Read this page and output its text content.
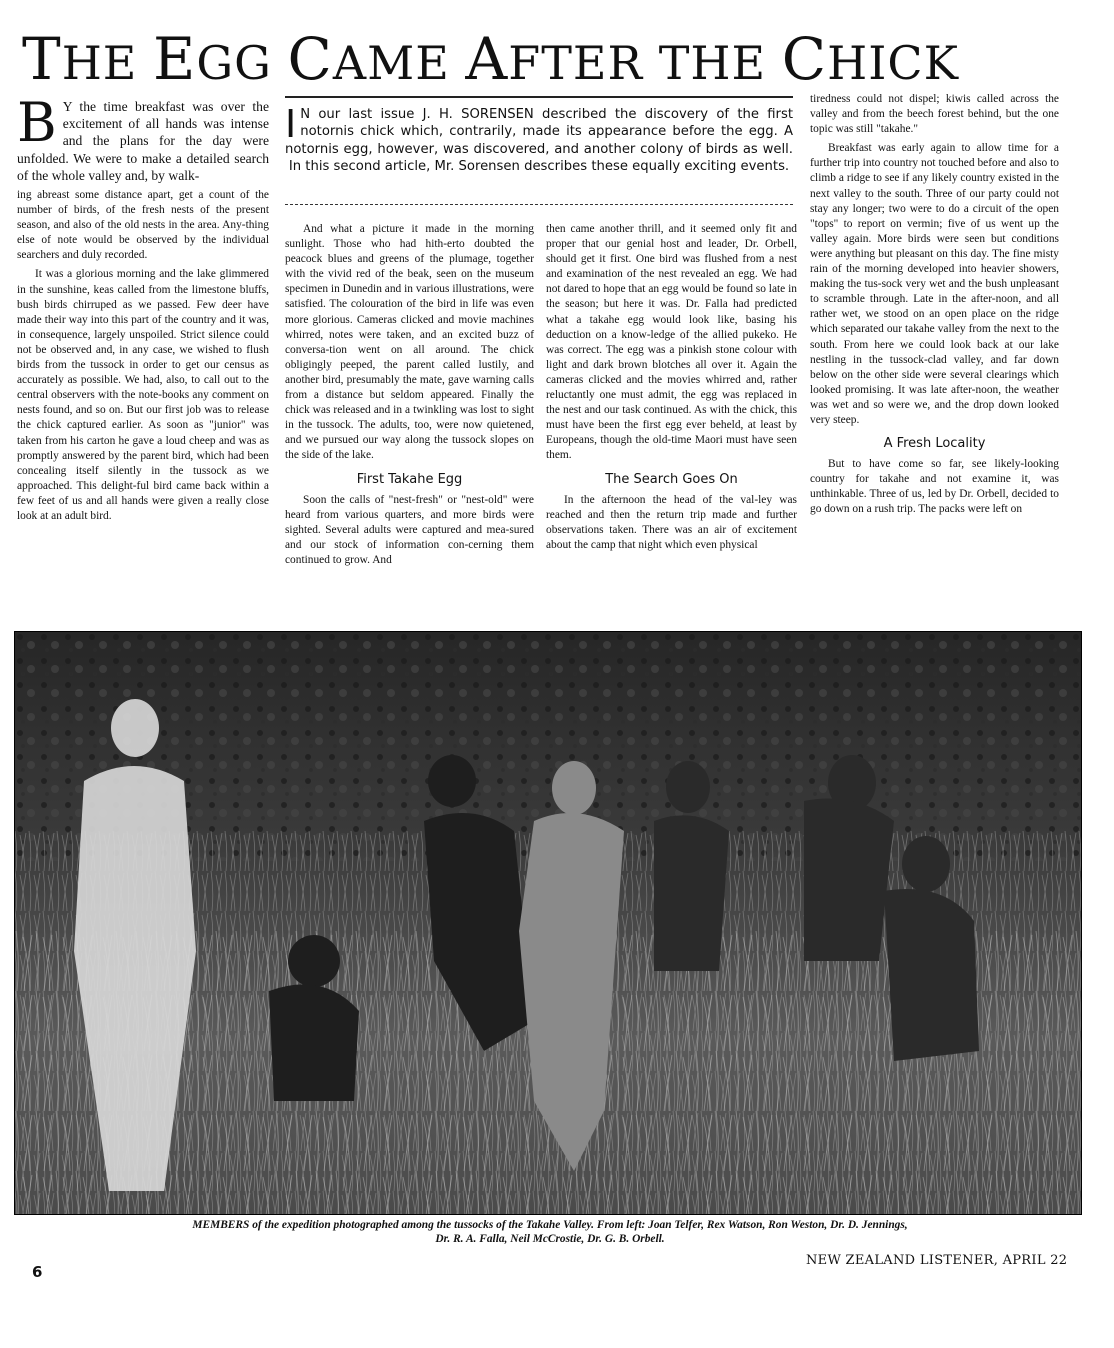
THE EGG CAME AFTER THE CHICK

B Y the time breakfast was over the excitement of all hands was intense and the plans for the day were unfolded. We were to make a detailed search of the whole valley and, by walk-

ing abreast some distance apart, get a count of the number of birds, of the fresh nests of the present season, and also of the old nests in the area. Any-thing else of note would be observed by the individual searchers and duly recorded.

It was a glorious morning and the lake glimmered in the sunshine, keas called from the limestone bluffs, bush birds chirruped as we passed. Few deer have made their way into this part of the country and it was, in consequence, largely unspoiled. Strict silence could not be observed and, in any case, we wished to flush birds from the tussock in order to get our census as accurately as possible. We had, also, to call out to the central observers with the note-books any comment on nests found, and so on. But our first job was to release the chick captured earlier. As soon as "junior" was taken from his carton he gave a loud cheep and was as promptly answered by the parent bird, which had been concealing itself silently in the tussock as we approached. This delight-ful bird came back within a few feet of us and all hands were given a really close look at an adult bird.

I N our last issue J. H. SORENSEN described the discovery of the first notornis chick which, contrarily, made its appearance before the egg. A notornis egg, however, was discovered, and another colony of birds as well. In this second article, Mr. Sorensen describes these equally exciting events.

And what a picture it made in the morning sunlight. Those who had hith-erto doubted the peacock blues and greens of the plumage, together with the vivid red of the beak, seen on the museum specimen in Dunedin and in various illustrations, were satisfied. The colouration of the bird in life was even more glorious. Cameras clicked and movie machines whirred, notes were taken, and an excited buzz of conversa-tion went on all around. The chick obligingly peeped, the parent called lustily, and another bird, presumably the mate, gave warning calls from a distance but seldom appeared. Finally the chick was released and in a twinkling was lost to sight in the tussock. The adults, too, were now quietened, and we pursued our way along the tussock slopes on the side of the lake.

First Takahe Egg

Soon the calls of "nest-fresh" or "nest-old" were heard from various quarters, and more birds were sighted. Several adults were captured and mea-sured and our stock of information con-cerning them continued to grow. And

then came another thrill, and it seemed only fit and proper that our genial host and leader, Dr. Orbell, should get it first. One bird was flushed from a nest and examination of the nest revealed an egg. We had not dared to hope that an egg would be found so late in the season; but here it was. Dr. Falla had predicted what a takahe egg would look like, basing his deduction on a know-ledge of the allied pukeko. He was correct. The egg was a pinkish stone colour with light and dark brown blotches all over it. Again the cameras clicked and the movies whirred and, rather reluctantly one must admit, the egg was replaced in the nest and our task continued. As with the chick, this must have been the first egg ever beheld, at least by Europeans, though the old-time Maori must have seen them.

The Search Goes On

In the afternoon the head of the val-ley was reached and then the return trip made and further observations taken. There was an air of excitement about the camp that night which even physical

tiredness could not dispel; kiwis called across the valley and from the beech forest behind, but the one topic was still "takahe."

Breakfast was early again to allow time for a further trip into country not touched before and also to climb a ridge to see if any likely country existed in the next valley to the south. Three of our party could not stay any longer; two were to do a circuit of the open "tops" to report on vermin; five of us went up the valley again. More birds were seen but conditions were anything but pleasant on this day. The fine misty rain of the morning developed into heavier showers, making the tus-sock very wet and the bush unpleasant to scramble through. Late in the after-noon, and all rather wet, we stood on an open place on the ridge which separated our takahe valley from the next to the south. From here we could look back at our lake nestling in the tussock-clad valley, and far down below on the other side were several clearings which looked promising. It was late after-noon, the weather was wet and so were we, and the drop down looked very steep.

A Fresh Locality

But to have come so far, see likely-looking country for takahe and not examine it, was unthinkable. Three of us, led by Dr. Orbell, decided to go down on a rush trip. The packs were left on

MEMBERS of the expedition photographed among the tussocks of the Takahe Valley. From left: Joan Telfer, Rex Watson, Ron Weston, Dr. D. Jennings,
Dr. R. A. Falla, Neil McCrostie, Dr. G. B. Orbell.
6
NEW ZEALAND LISTENER, APRIL 22
